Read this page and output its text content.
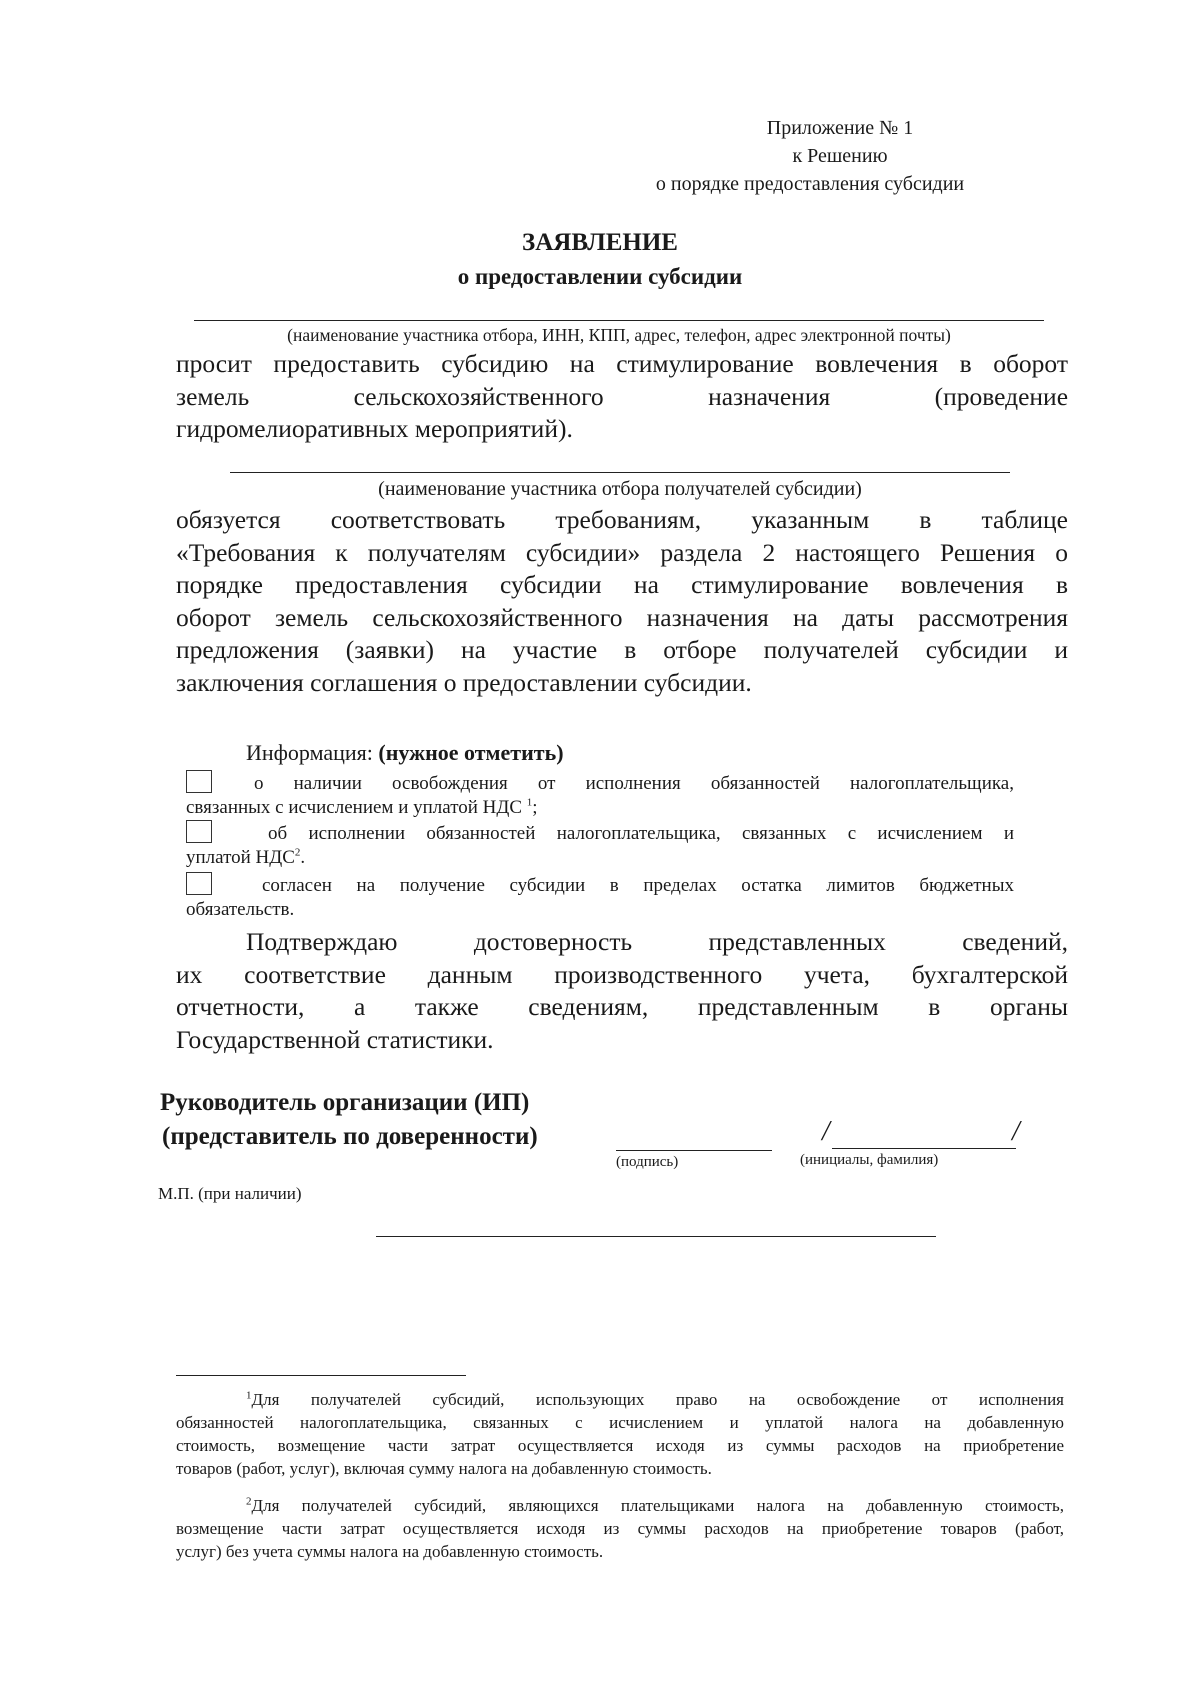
Приложение № 1
к Решению
о порядке предоставления субсидии
ЗАЯВЛЕНИЕ
о предоставлении субсидии
(наименование участника отбора, ИНН, КПП, адрес, телефон, адрес электронной почты)
просит предоставить субсидию на стимулирование вовлечения в оборот
земель	сельскохозяйственного	назначения	(проведение
гидромелиоративных мероприятий).
(наименование участника отбора получателей субсидии)
обязуется соответствовать требованиям, указанным в таблице
«Требования к получателям субсидии» раздела 2 настоящего Решения о
порядке предоставления субсидии на стимулирование вовлечения в
оборот земель сельскохозяйственного назначения на даты рассмотрения
предложения (заявки) на участие в отборе получателей субсидии и
заключения соглашения о предоставлении субсидии.
Информация: (нужное отметить)
о наличии освобождения от исполнения обязанностей налогоплательщика,
связанных с исчислением и уплатой НДС $^1$;
об исполнении обязанностей налогоплательщика, связанных с исчислением и
уплатой НДС$^2$.
согласен на получение субсидии в пределах остатка лимитов бюджетных
обязательств.
Подтверждаю	достоверность	представленных	сведений,
их соответствие данным производственного учета, бухгалтерской
отчетности, а также сведениям, представленным в органы
Государственной статистики.
Руководитель организации (ИП)
(представитель по доверенности)
(подпись)
/	/
(инициалы, фамилия)
М.П. (при наличии)
$^1$Для получателей субсидий, использующих право на освобождение от исполнения
обязанностей налогоплательщика, связанных с исчислением и уплатой налога на добавленную
стоимость, возмещение части затрат осуществляется исходя из суммы расходов на приобретение
товаров (работ, услуг), включая сумму налога на добавленную стоимость.
$^2$Для получателей субсидий, являющихся плательщиками налога на добавленную стоимость,
возмещение части затрат осуществляется исходя из суммы расходов на приобретение товаров (работ,
услуг) без учета суммы налога на добавленную стоимость.
